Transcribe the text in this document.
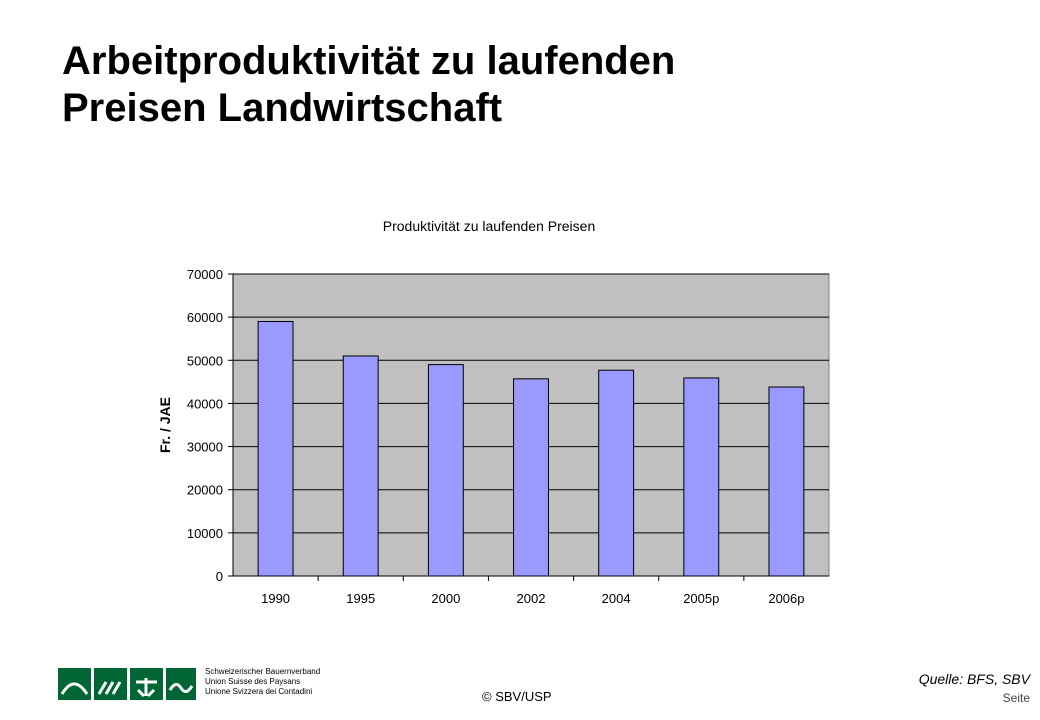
Arbeitproduktivität zu laufenden
Preisen Landwirtschaft
Produktivität zu laufenden Preisen
0
10000
20000
30000
40000
50000
60000
70000
1990	1995	2000	2002	2004	2005p	2006p
Fr. / JAE
Schweizerischer Bauernverband
Union Suisse des Paysans
Unione Svizzera dei Contadini	© SBV/USP
Quelle: BFS, SBV
Seite
